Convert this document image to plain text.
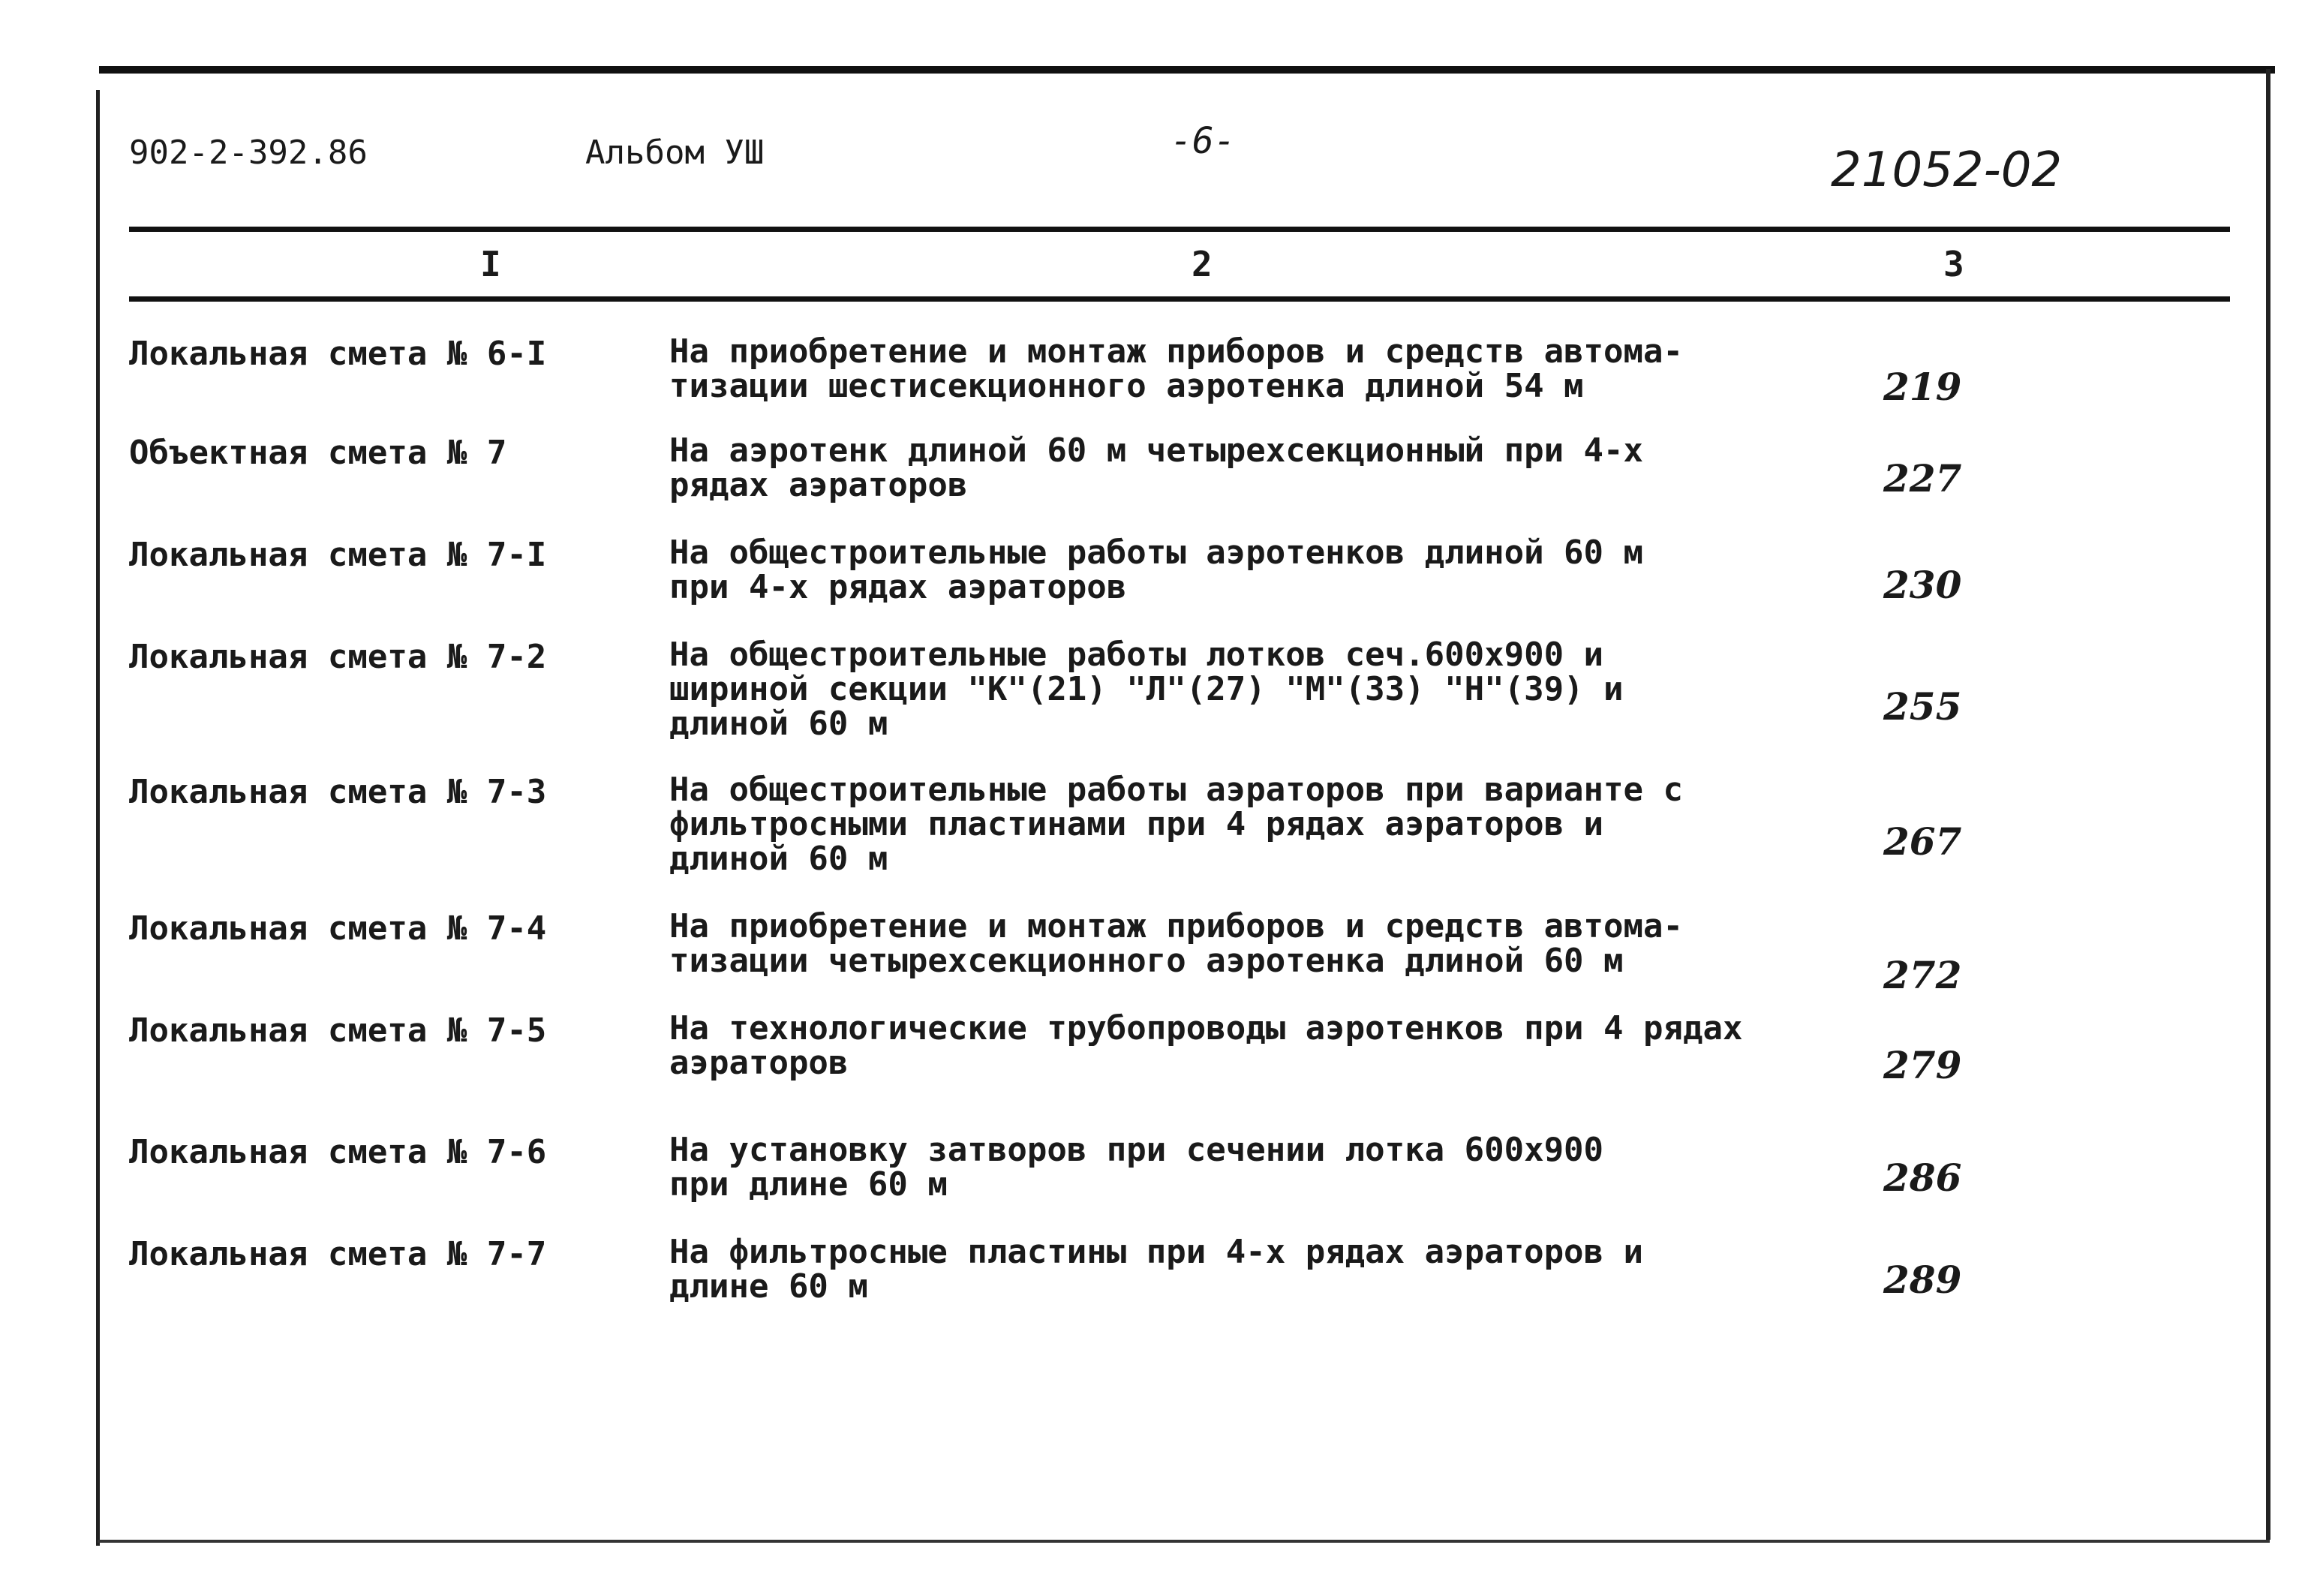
902-2-392.86	Альбом УШ	-6-
21052-02
I	2	3
Локальная смета № 6-I	На приобретение и монтаж приборов и средств автома-
тизации шестисекционного аэротенка длиной 54 м	219
Объектная смета № 7	На аэротенк длиной 60 м четырехсекционный при 4-х
рядах аэраторов	227
Локальная смета № 7-I	На общестроительные работы аэротенков длиной 60 м
при 4-х рядах аэраторов	230
Локальная смета № 7-2	На общестроительные работы лотков сеч.600х900 и
шириной секции "К"(21) "Л"(27) "М"(33) "Н"(39) и
длиной 60 м	255
Локальная смета № 7-3	На общестроительные работы аэраторов при варианте с
фильтросными пластинами при 4 рядах аэраторов и
длиной 60 м	267
Локальная смета № 7-4	На приобретение и монтаж приборов и средств автома-
тизации четырехсекционного аэротенка длиной 60 м	272
Локальная смета № 7-5	На технологические трубопроводы аэротенков при 4 рядах
аэраторов	279
Локальная смета № 7-6	На установку затворов при сечении лотка 600х900
при длине 60 м	286
Локальная смета № 7-7	На фильтросные пластины при 4-х рядах аэраторов и
длине 60 м	289
